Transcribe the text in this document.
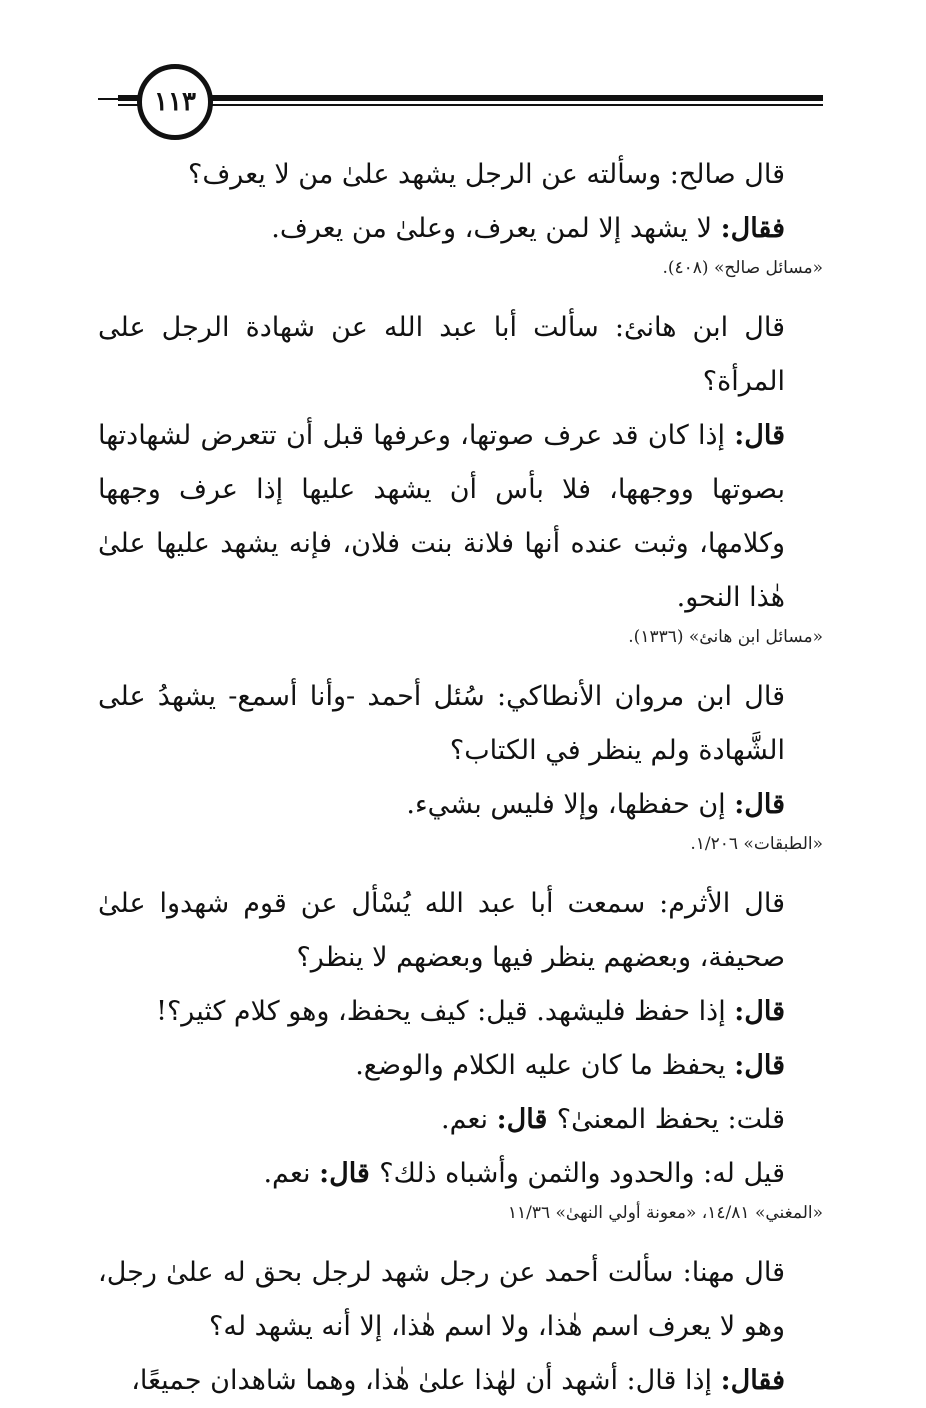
١١٣
قال صالح: وسألته عن الرجل يشهد علىٰ من لا يعرف؟
فقال: لا يشهد إلا لمن يعرف، وعلىٰ من يعرف.
«مسائل صالح» (٤٠٨).
قال ابن هانئ: سألت أبا عبد الله عن شهادة الرجل على المرأة؟
قال: إذا كان قد عرف صوتها، وعرفها قبل أن تتعرض لشهادتها بصوتها ووجهها، فلا بأس أن يشهد عليها إذا عرف وجهها وكلامها، وثبت عنده أنها فلانة بنت فلان، فإنه يشهد عليها علىٰ هٰذا النحو.
«مسائل ابن هانئ» (١٣٣٦).
قال ابن مروان الأنطاكي: سُئل أحمد -وأنا أسمع- يشهدُ على الشَّهادة ولم ينظر في الكتاب؟
قال: إن حفظها، وإلا فليس بشيء.
«الطبقات» ١/٢٠٦.
قال الأثرم: سمعت أبا عبد الله يُسْأل عن قوم شهدوا علىٰ صحيفة، وبعضهم ينظر فيها وبعضهم لا ينظر؟
قال: إذا حفظ فليشهد. قيل: كيف يحفظ، وهو كلام كثير؟!
قال: يحفظ ما كان عليه الكلام والوضع.
قلت: يحفظ المعنىٰ؟ قال: نعم.
قيل له: والحدود والثمن وأشباه ذلك؟ قال: نعم.
«المغني» ١٤/٨١، «معونة أولي النهىٰ» ١١/٣٦
قال مهنا: سألت أحمد عن رجل شهد لرجل بحق له علىٰ رجل، وهو لا يعرف اسم هٰذا، ولا اسم هٰذا، إلا أنه يشهد له؟
فقال: إذا قال: أشهد أن لهٰذا علىٰ هٰذا، وهما شاهدان جميعًا،
